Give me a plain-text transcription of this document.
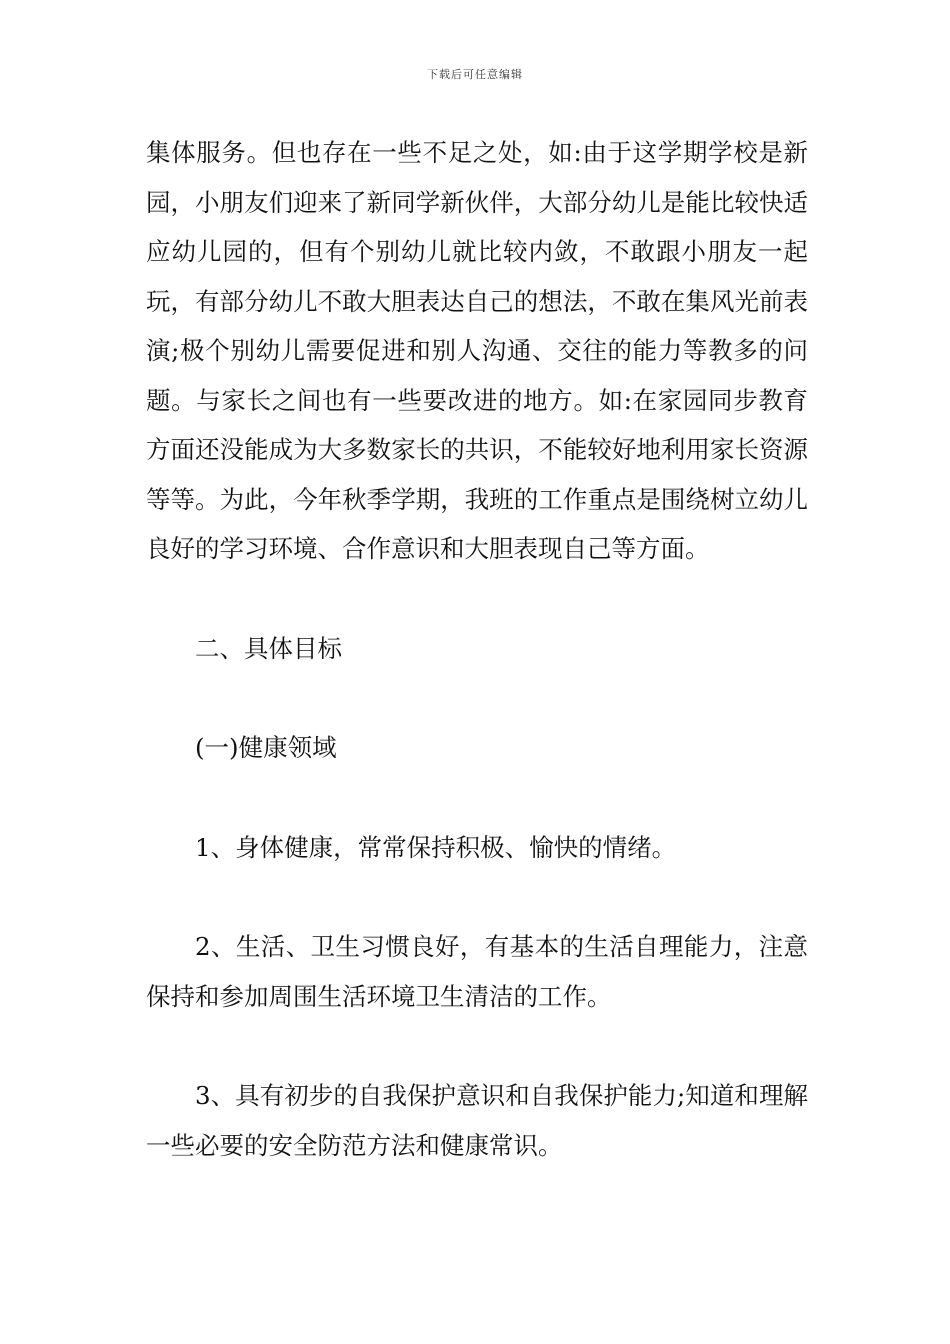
下载后可任意编辑

集体服务。但也存在一些不足之处，如:由于这学期学校是新园，小朋友们迎来了新同学新伙伴，大部分幼儿是能比较快适应幼儿园的，但有个别幼儿就比较内敛，不敢跟小朋友一起玩，有部分幼儿不敢大胆表达自己的想法，不敢在集风光前表演;极个别幼儿需要促进和别人沟通、交往的能力等教多的问题。与家长之间也有一些要改进的地方。如:在家园同步教育方面还没能成为大多数家长的共识，不能较好地利用家长资源等等。为此，今年秋季学期，我班的工作重点是围绕树立幼儿良好的学习环境、合作意识和大胆表现自己等方面。

二、具体目标

(一)健康领域

1、身体健康，常常保持积极、愉快的情绪。

2、生活、卫生习惯良好，有基本的生活自理能力，注意保持和参加周围生活环境卫生清洁的工作。

3、具有初步的自我保护意识和自我保护能力;知道和理解一些必要的安全防范方法和健康常识。
